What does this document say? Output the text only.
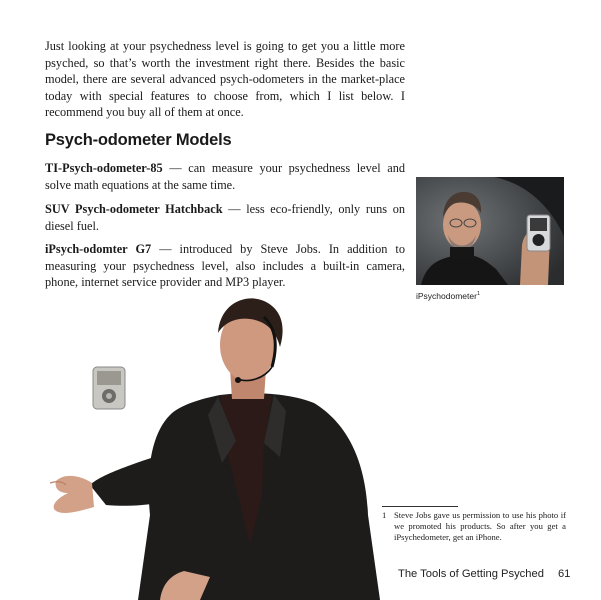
Just looking at your psychedness level is going to get you a little more psyched, so that’s worth the investment right there. Besides the basic model, there are several advanced psych-odometers in the market-place today with special features to choose from, which I list below. I recommend you buy all of them at once.

Psych-odometer Models

TI-Psych-odometer-85 — can measure your psychedness level and solve math equations at the same time.

SUV Psych-odometer Hatchback — less eco-friendly, only runs on diesel fuel.

iPsych-odomter G7 — introduced by Steve Jobs. In addition to measuring your psychedness level, also includes a built-in camera, phone, internet service provider and MP3 player.

iPsychodometer$^1$

1 Steve Jobs gave us permission to use his photo if we promoted his products. So after you get a iPsychedometer, get an iPhone.

The Tools of Getting Psyched 61
